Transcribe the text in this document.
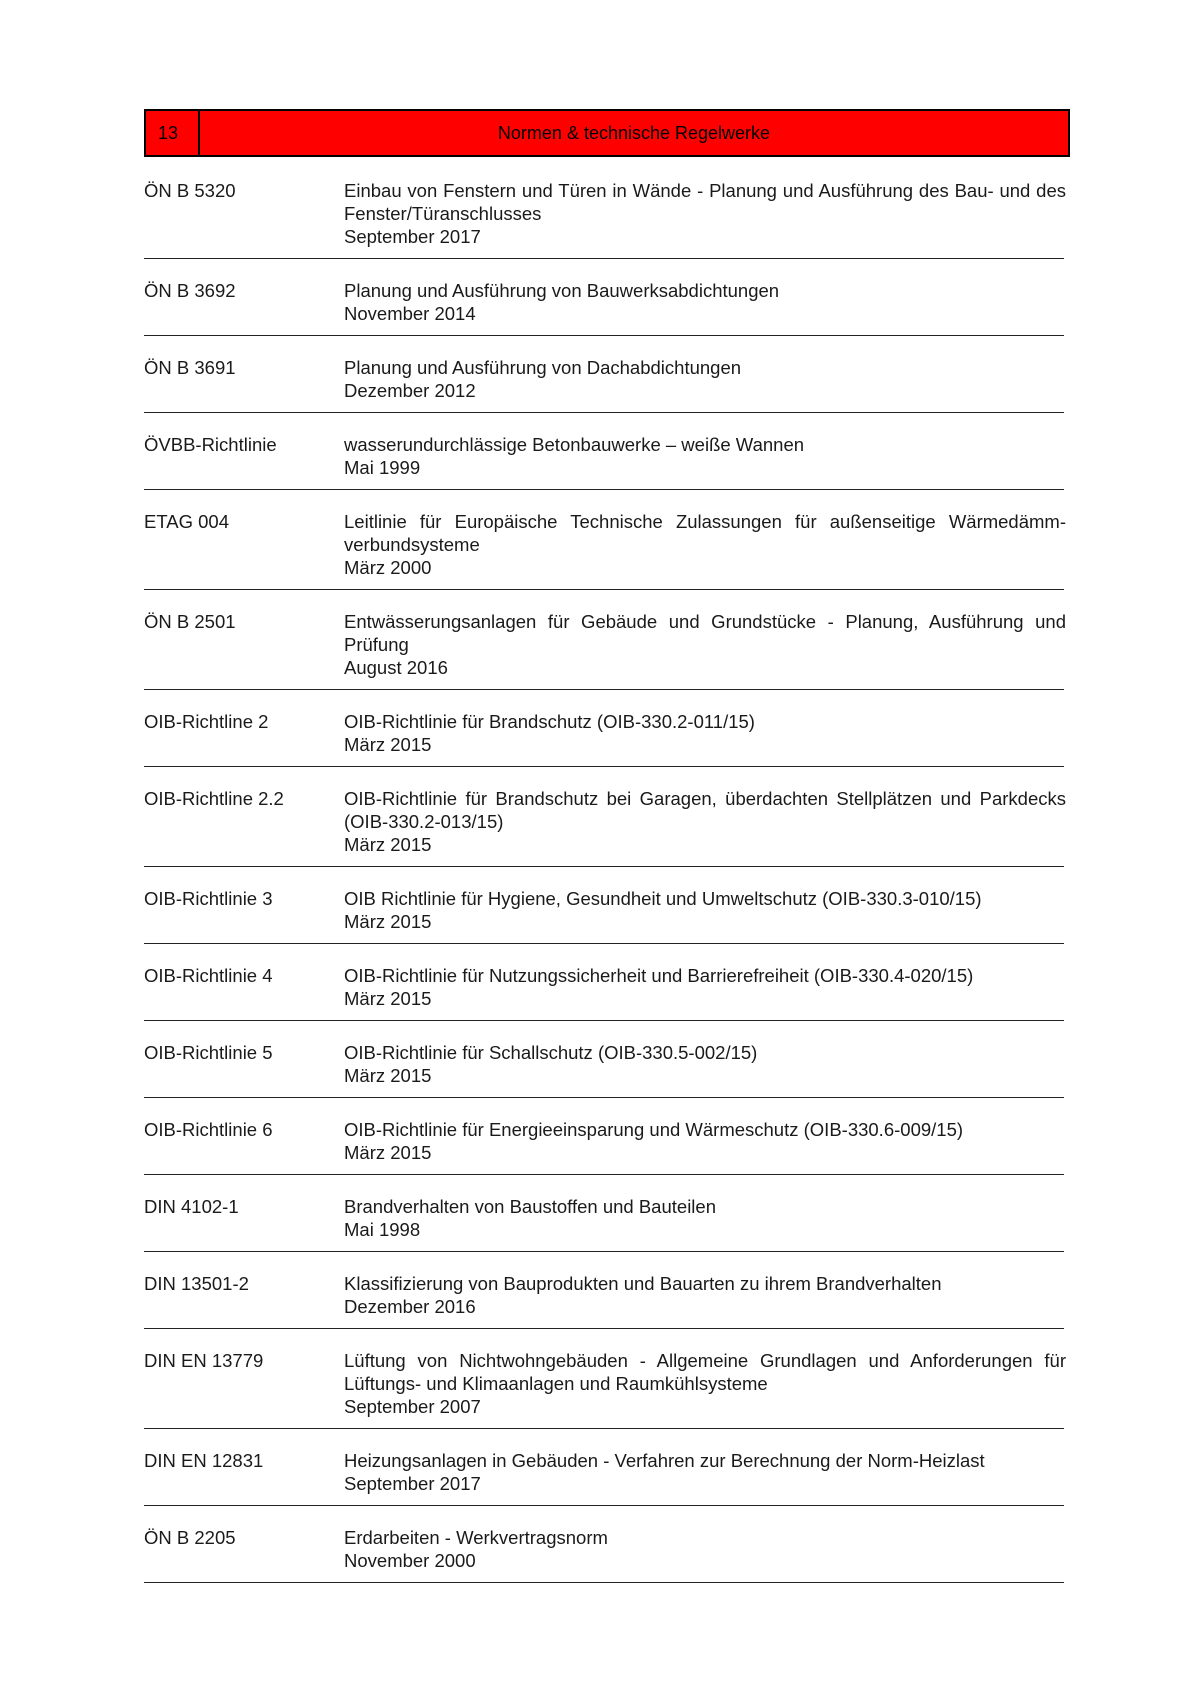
13	Normen & technische Regelwerke
ÖN B 5320	Einbau von Fenstern und Türen in Wände - Planung und Ausführung des Bau- und des Fenster/Türanschlusses
September 2017
ÖN B 3692	Planung und Ausführung von Bauwerksabdichtungen
November 2014
ÖN B 3691	Planung und Ausführung von Dachabdichtungen
Dezember 2012
ÖVBB-Richtlinie	wasserundurchlässige Betonbauwerke – weiße Wannen
Mai 1999
ETAG 004	Leitlinie für Europäische Technische Zulassungen für außenseitige Wärmedämm-verbundsysteme
März 2000
ÖN B 2501	Entwässerungsanlagen für Gebäude und Grundstücke - Planung, Ausführung und Prüfung
August 2016
OIB-Richtline 2	OIB-Richtlinie für Brandschutz (OIB-330.2-011/15)
März 2015
OIB-Richtline 2.2	OIB-Richtlinie für Brandschutz bei Garagen, überdachten Stellplätzen und Parkdecks (OIB-330.2-013/15)
März 2015
OIB-Richtlinie 3	OIB Richtlinie für Hygiene, Gesundheit und Umweltschutz (OIB-330.3-010/15)
März 2015
OIB-Richtlinie 4	OIB-Richtlinie für Nutzungssicherheit und Barrierefreiheit (OIB-330.4-020/15)
März 2015
OIB-Richtlinie 5	OIB-Richtlinie für Schallschutz (OIB-330.5-002/15)
März 2015
OIB-Richtlinie 6	OIB-Richtlinie für Energieeinsparung und Wärmeschutz (OIB-330.6-009/15)
März 2015
DIN 4102-1	Brandverhalten von Baustoffen und Bauteilen
Mai 1998
DIN 13501-2	Klassifizierung von Bauprodukten und Bauarten zu ihrem Brandverhalten
Dezember 2016
DIN EN 13779	Lüftung von Nichtwohngebäuden - Allgemeine Grundlagen und Anforderungen für Lüftungs- und Klimaanlagen und Raumkühlsysteme
September 2007
DIN EN 12831	Heizungsanlagen in Gebäuden - Verfahren zur Berechnung der Norm-Heizlast
September 2017
ÖN B 2205	Erdarbeiten - Werkvertragsnorm
November 2000
